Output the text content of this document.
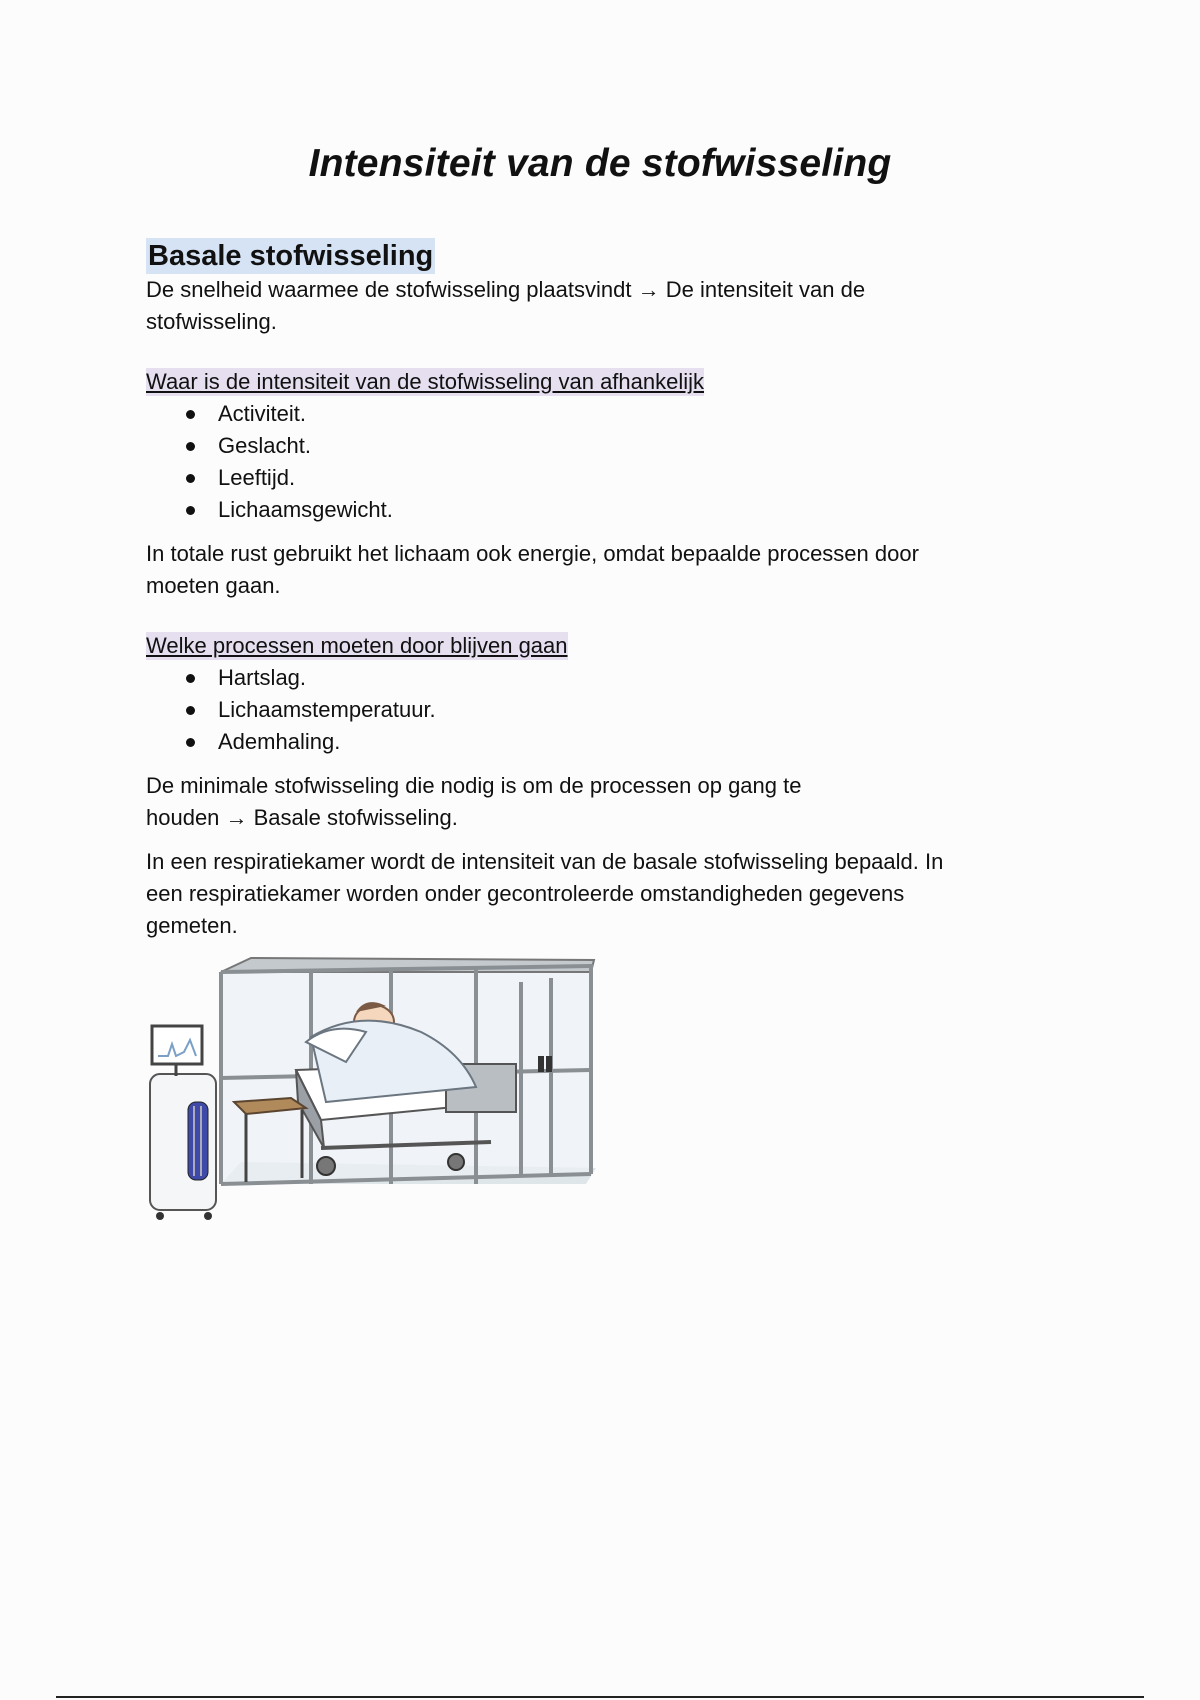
Intensiteit van de stofwisseling
Basale stofwisseling

De snelheid waarmee de stofwisseling plaatsvindt → De intensiteit van de

stofwisseling.

Waar is de intensiteit van de stofwisseling van afhankelijk
Activiteit.
Geslacht.
Leeftijd.
Lichaamsgewicht.

In totale rust gebruikt het lichaam ook energie, omdat bepaalde processen door

moeten gaan.

Welke processen moeten door blijven gaan
Hartslag.
Lichaamstemperatuur.
Ademhaling.

De minimale stofwisseling die nodig is om de processen op gang te

houden → Basale stofwisseling.

In een respiratiekamer wordt de intensiteit van de basale stofwisseling bepaald. In

een respiratiekamer worden onder gecontroleerde omstandigheden gegevens

gemeten.
